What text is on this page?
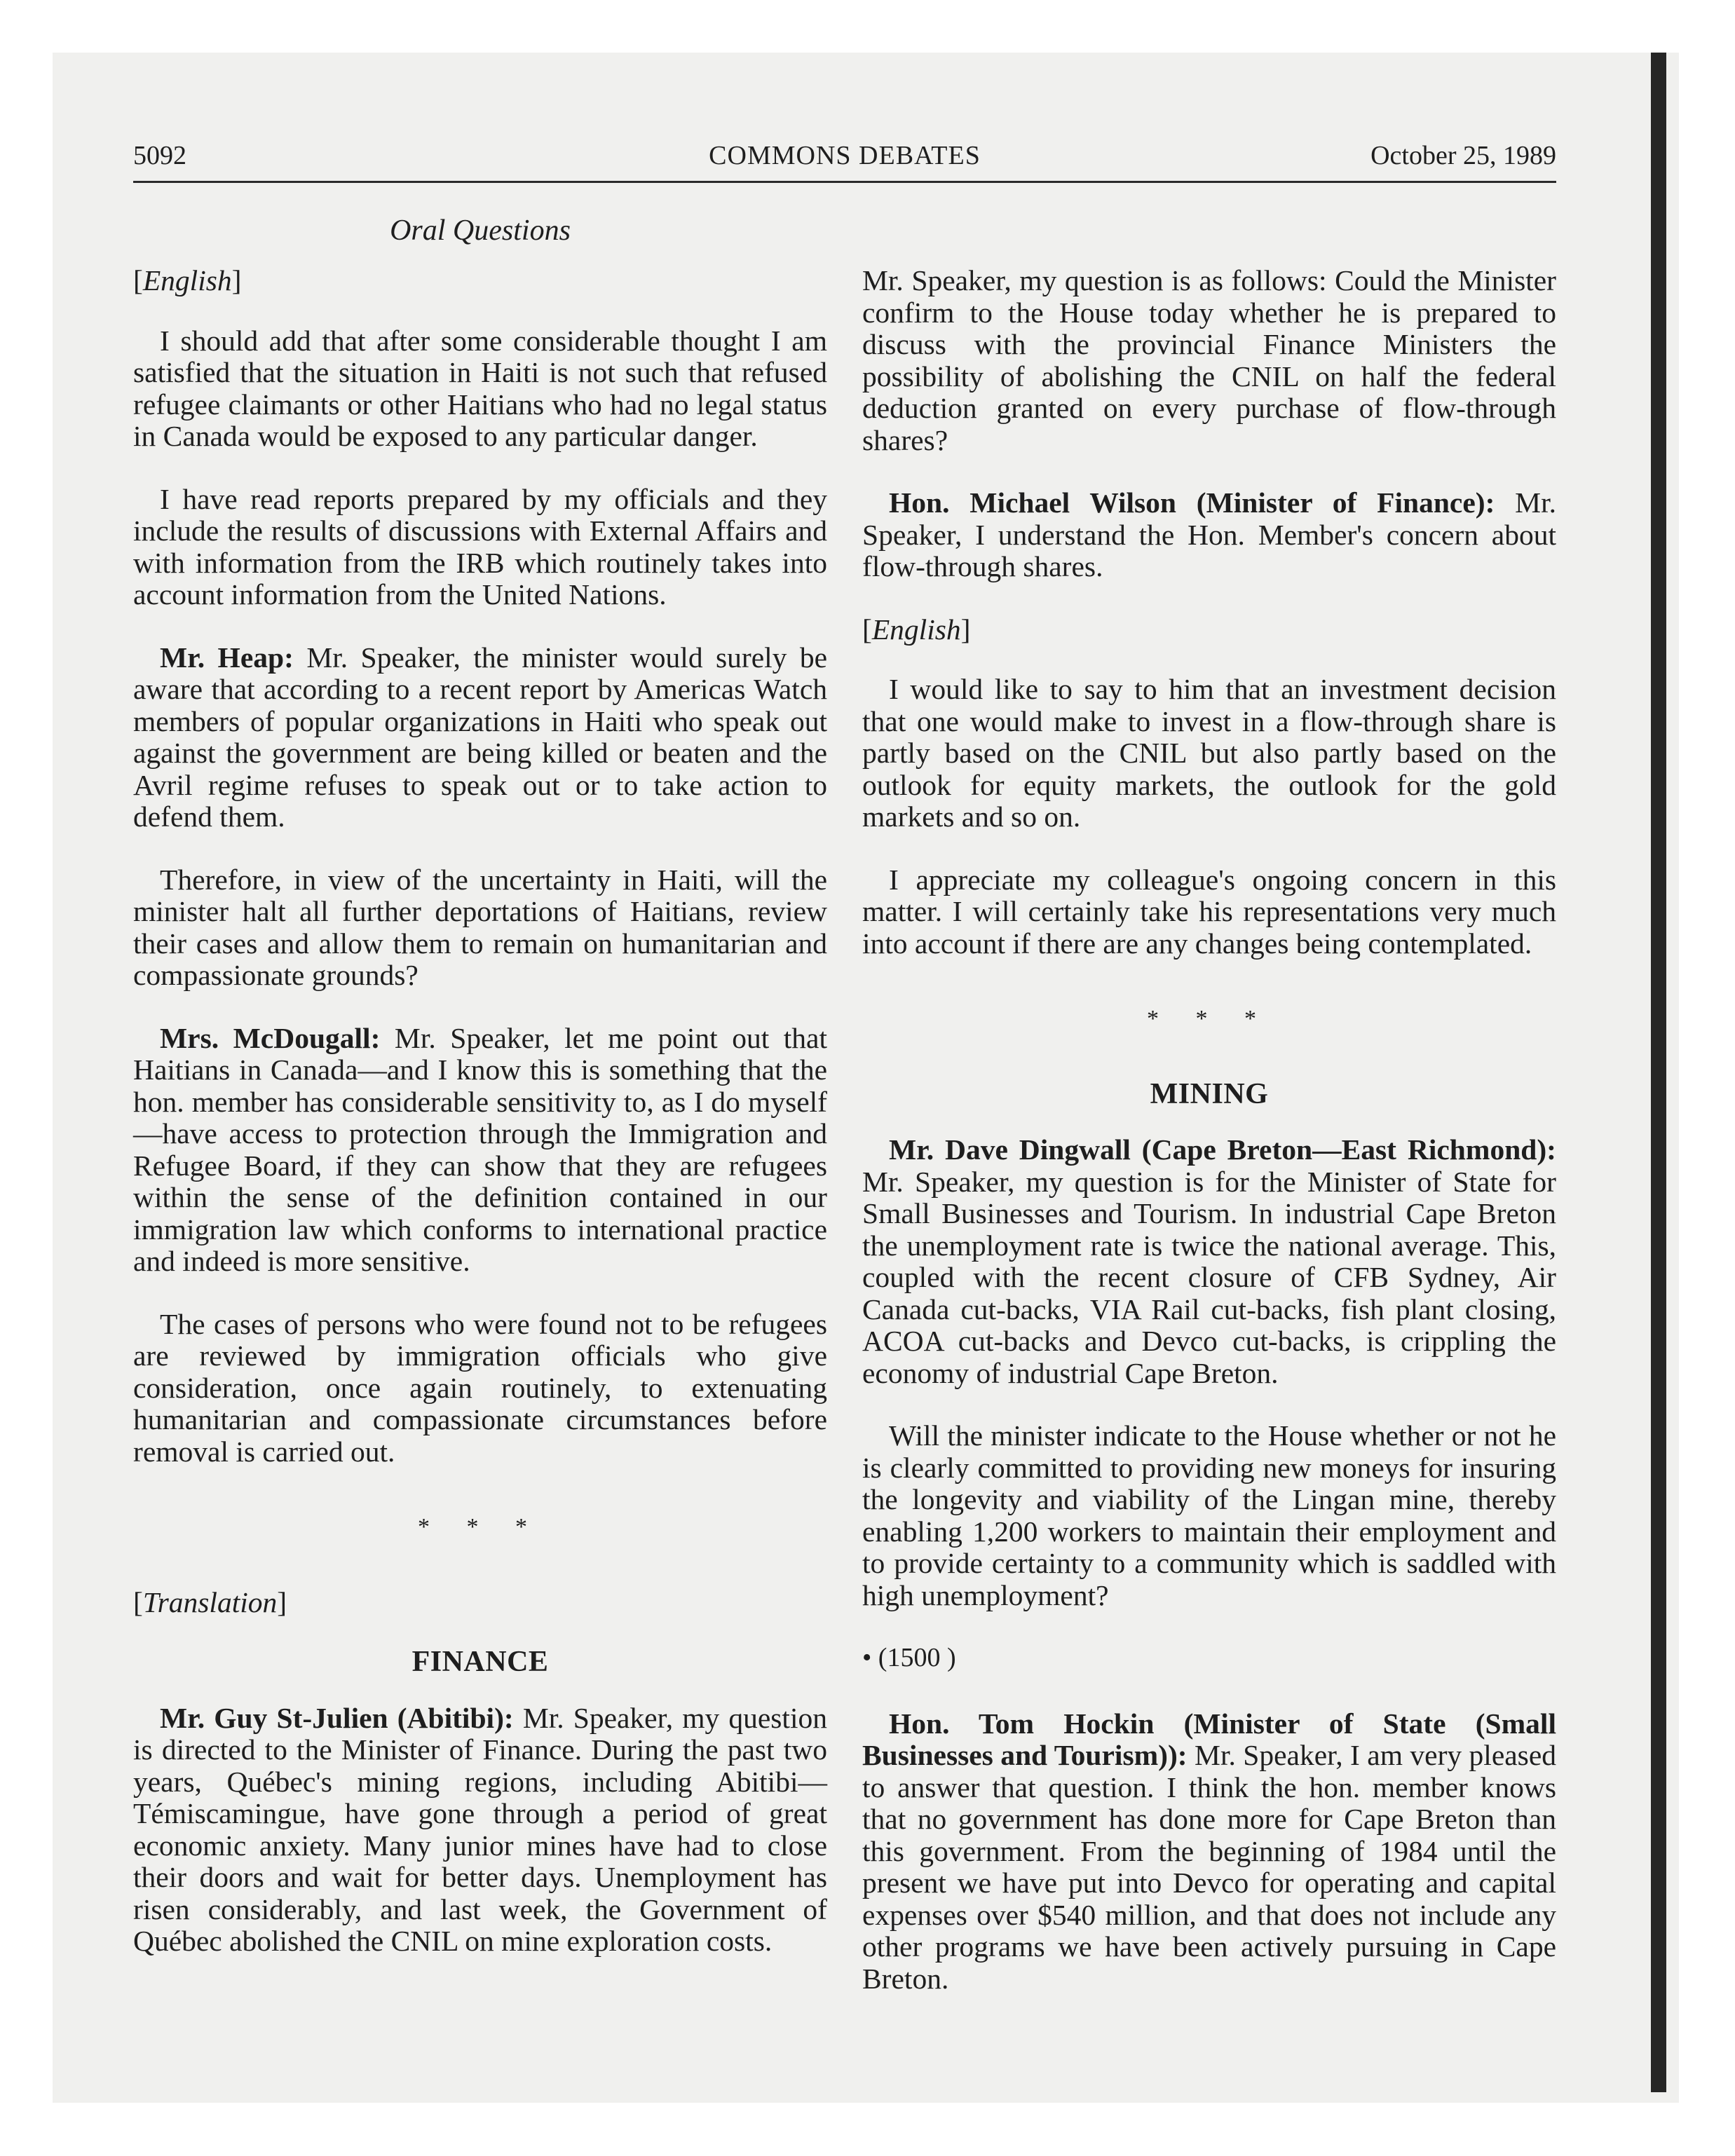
5092	COMMONS DEBATES	October 25, 1989
Oral Questions

[English]

I should add that after some considerable thought I am satisfied that the situation in Haiti is not such that refused refugee claimants or other Haitians who had no legal status in Canada would be exposed to any particular danger.

I have read reports prepared by my officials and they include the results of discussions with External Affairs and with information from the IRB which routinely takes into account information from the United Nations.

Mr. Heap: Mr. Speaker, the minister would surely be aware that according to a recent report by Americas Watch members of popular organizations in Haiti who speak out against the government are being killed or beaten and the Avril regime refuses to speak out or to take action to defend them.

Therefore, in view of the uncertainty in Haiti, will the minister halt all further deportations of Haitians, review their cases and allow them to remain on humanitarian and compassionate grounds?

Mrs. McDougall: Mr. Speaker, let me point out that Haitians in Canada—and I know this is something that the hon. member has considerable sensitivity to, as I do myself—have access to protection through the Immigration and Refugee Board, if they can show that they are refugees within the sense of the definition contained in our immigration law which conforms to international practice and indeed is more sensitive.

The cases of persons who were found not to be refugees are reviewed by immigration officials who give consideration, once again routinely, to extenuating humanitarian and compassionate circumstances before removal is carried out.

* * *

[Translation]

FINANCE

Mr. Guy St-Julien (Abitibi): Mr. Speaker, my question is directed to the Minister of Finance. During the past two years, Québec's mining regions, including Abitibi—Témiscamingue, have gone through a period of great economic anxiety. Many junior mines have had to close their doors and wait for better days. Unemployment has risen considerably, and last week, the Government of Québec abolished the CNIL on mine exploration costs.

Mr. Speaker, my question is as follows: Could the Minister confirm to the House today whether he is prepared to discuss with the provincial Finance Ministers the possibility of abolishing the CNIL on half the federal deduction granted on every purchase of flow-through shares?

Hon. Michael Wilson (Minister of Finance): Mr. Speaker, I understand the Hon. Member's concern about flow-through shares.

[English]

I would like to say to him that an investment decision that one would make to invest in a flow-through share is partly based on the CNIL but also partly based on the outlook for equity markets, the outlook for the gold markets and so on.

I appreciate my colleague's ongoing concern in this matter. I will certainly take his representations very much into account if there are any changes being contemplated.

* * *

MINING

Mr. Dave Dingwall (Cape Breton—East Richmond): Mr. Speaker, my question is for the Minister of State for Small Businesses and Tourism. In industrial Cape Breton the unemployment rate is twice the national average. This, coupled with the recent closure of CFB Sydney, Air Canada cut-backs, VIA Rail cut-backs, fish plant closing, ACOA cut-backs and Devco cut-backs, is crippling the economy of industrial Cape Breton.

Will the minister indicate to the House whether or not he is clearly committed to providing new moneys for insuring the longevity and viability of the Lingan mine, thereby enabling 1,200 workers to maintain their employment and to provide certainty to a community which is saddled with high unemployment?

• (1500 )

Hon. Tom Hockin (Minister of State (Small Businesses and Tourism)): Mr. Speaker, I am very pleased to answer that question. I think the hon. member knows that no government has done more for Cape Breton than this government. From the beginning of 1984 until the present we have put into Devco for operating and capital expenses over $540 million, and that does not include any other programs we have been actively pursuing in Cape Breton.
